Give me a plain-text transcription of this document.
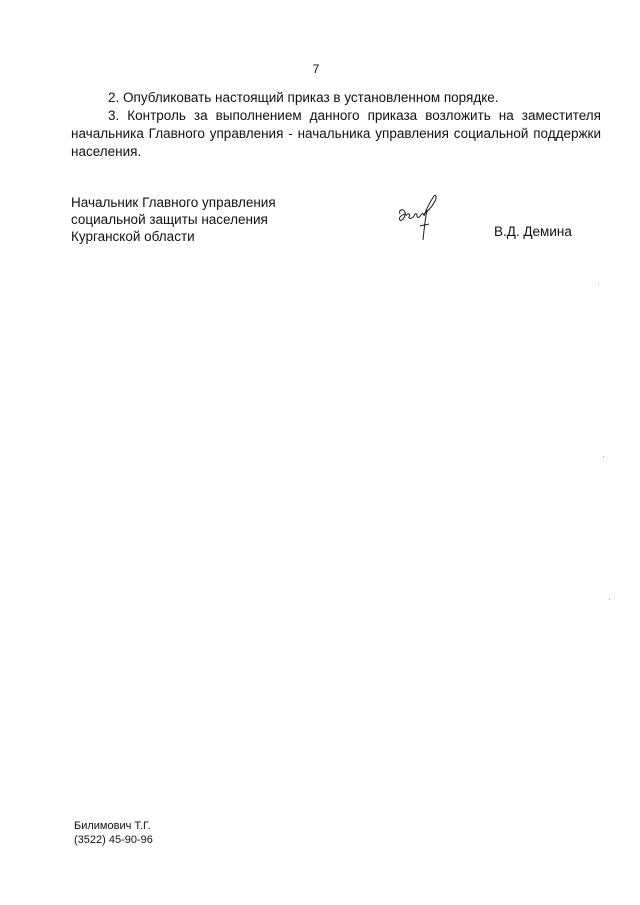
7

2. Опубликовать настоящий приказ в установленном порядке.

3. Контроль за выполнением данного приказа возложить на заместителя начальника Главного управления - начальника управления социальной поддержки населения.

Начальник Главного управления
социальной защиты населения
Курганской области	В.Д. Демина
Билимович Т.Г.
(3522) 45-90-96
